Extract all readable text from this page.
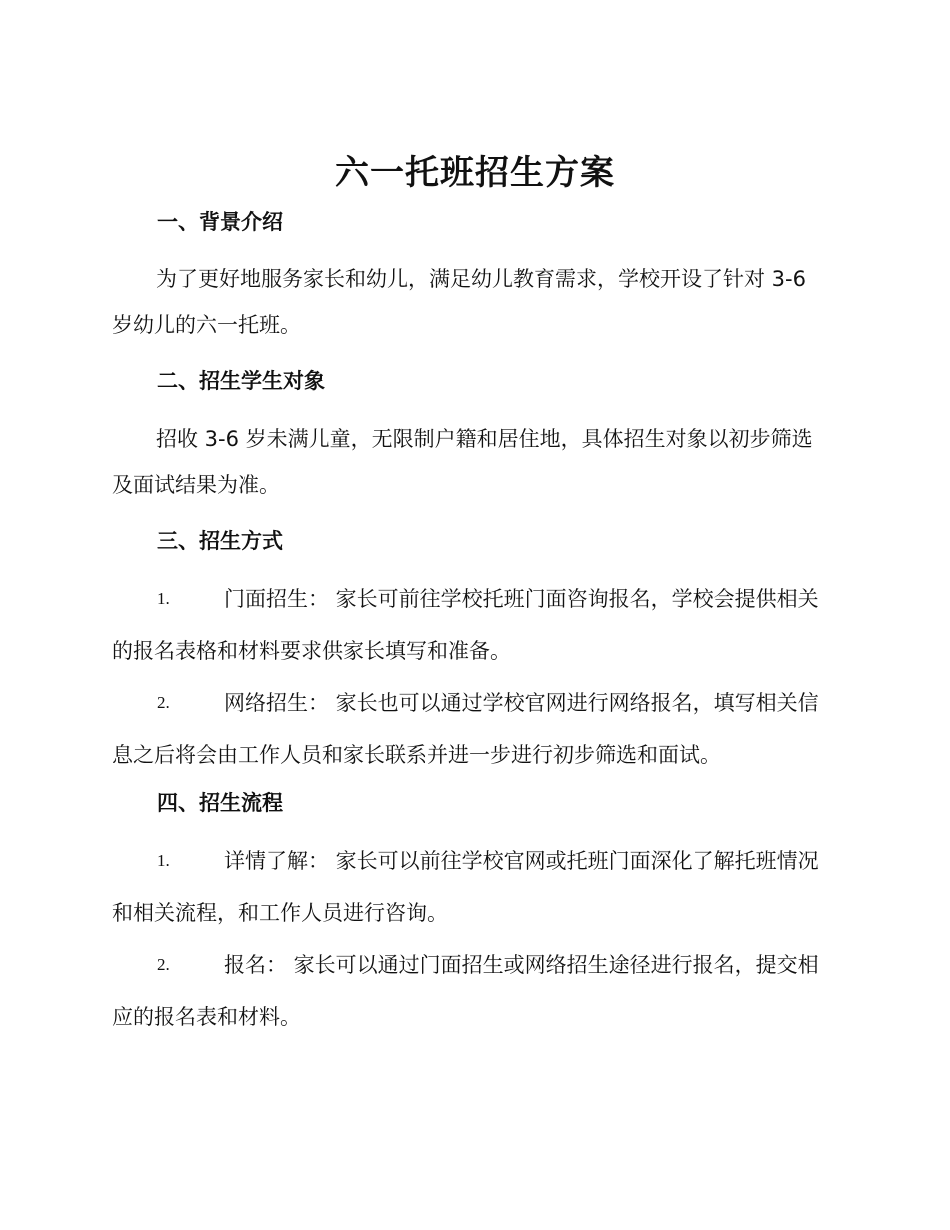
六一托班招生方案
一、背景介绍
为了更好地服务家长和幼儿，满足幼儿教育需求，学校开设了针对 3-6
岁幼儿的六一托班。
二、招生学生对象
招收 3-6 岁未满儿童，无限制户籍和居住地，具体招生对象以初步筛选
及面试结果为准。
三、招生方式
1.	门面招生： 家长可前往学校托班门面咨询报名，学校会提供相关
的报名表格和材料要求供家长填写和准备。
2.	网络招生： 家长也可以通过学校官网进行网络报名，填写相关信
息之后将会由工作人员和家长联系并进一步进行初步筛选和面试。
四、招生流程
1.	详情了解： 家长可以前往学校官网或托班门面深化了解托班情况
和相关流程，和工作人员进行咨询。
2.	报名： 家长可以通过门面招生或网络招生途径进行报名，提交相
应的报名表和材料。
